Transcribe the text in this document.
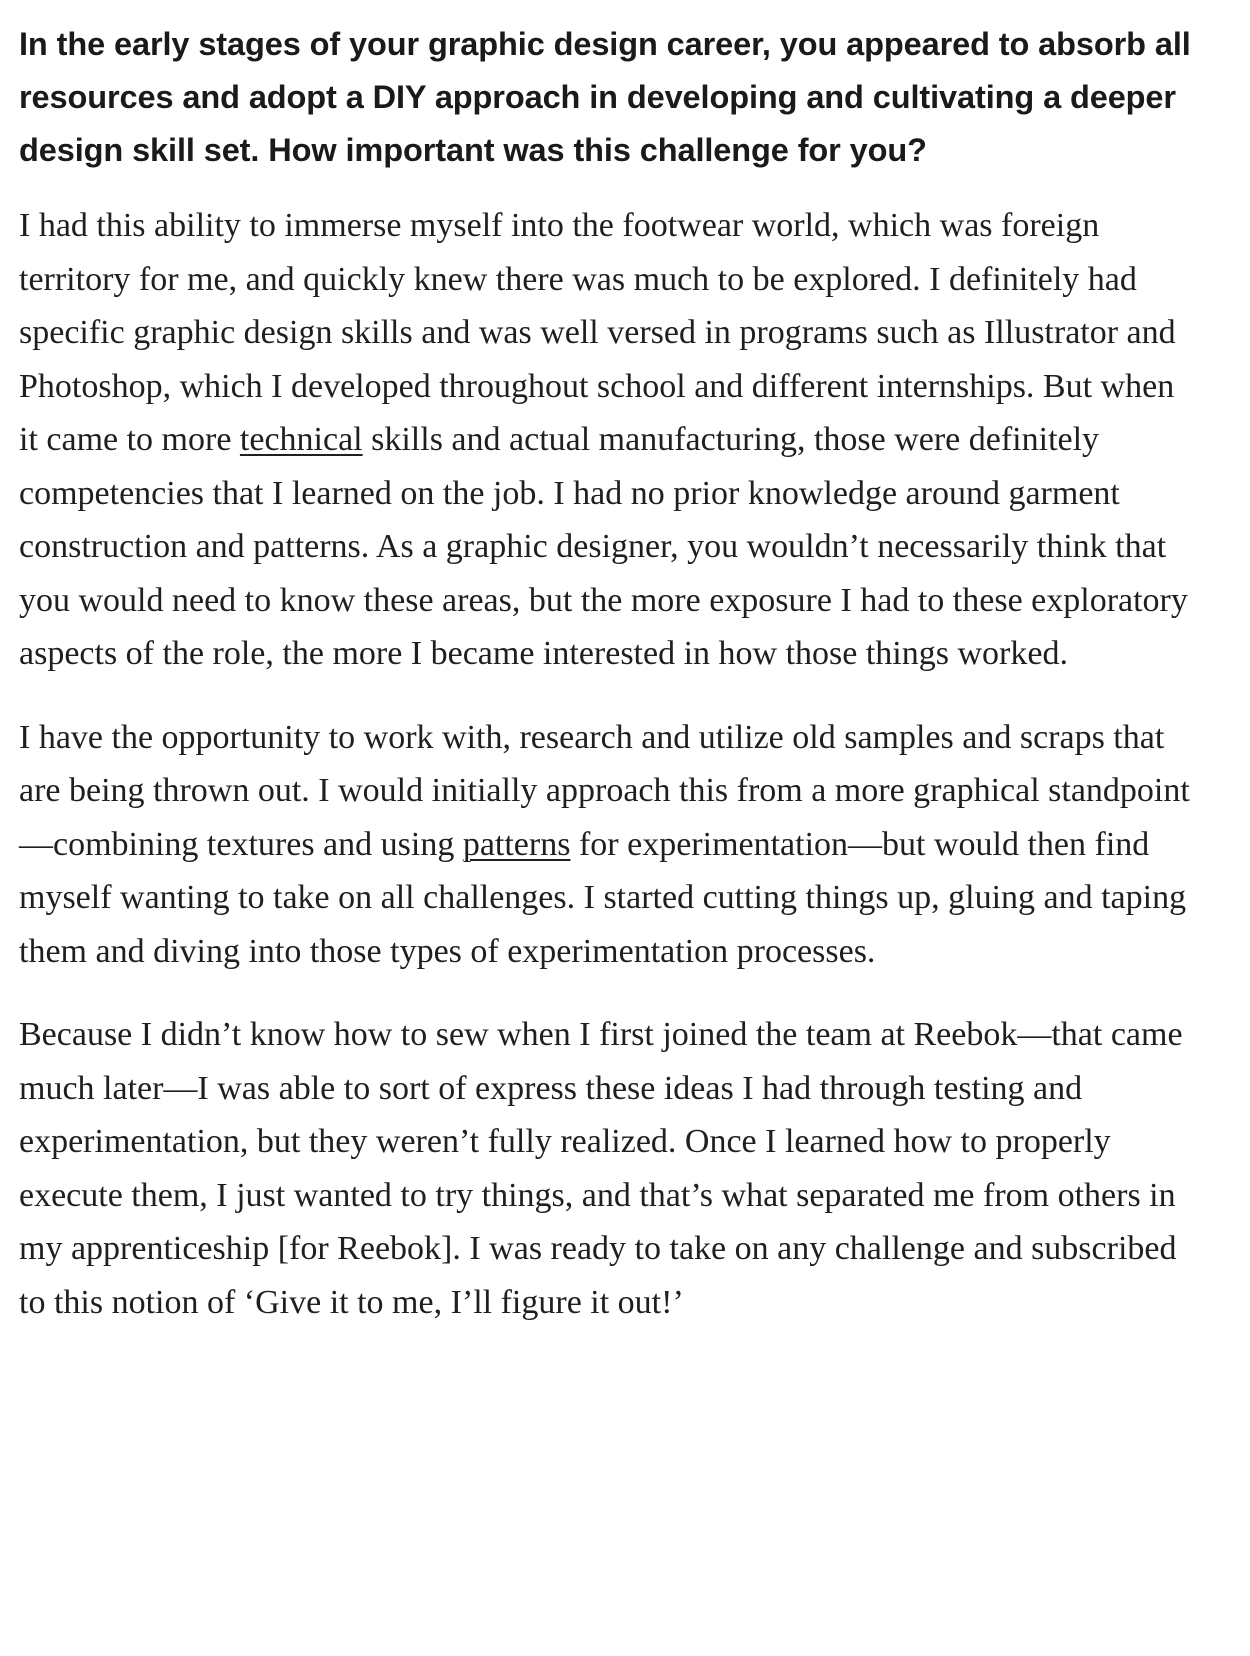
In the early stages of your graphic design career, you appeared to absorb all resources and adopt a DIY approach in developing and cultivating a deeper design skill set. How important was this challenge for you?

I had this ability to immerse myself into the footwear world, which was foreign territory for me, and quickly knew there was much to be explored. I definitely had specific graphic design skills and was well versed in programs such as Illustrator and Photoshop, which I developed throughout school and different internships. But when it came to more technical skills and actual manufacturing, those were definitely competencies that I learned on the job. I had no prior knowledge around garment construction and patterns. As a graphic designer, you wouldn’t necessarily think that you would need to know these areas, but the more exposure I had to these exploratory aspects of the role, the more I became interested in how those things worked.

I have the opportunity to work with, research and utilize old samples and scraps that are being thrown out. I would initially approach this from a more graphical standpoint—combining textures and using patterns for experimentation—but would then find myself wanting to take on all challenges. I started cutting things up, gluing and taping them and diving into those types of experimentation processes.

Because I didn’t know how to sew when I first joined the team at Reebok—that came much later—I was able to sort of express these ideas I had through testing and experimentation, but they weren’t fully realized. Once I learned how to properly execute them, I just wanted to try things, and that’s what separated me from others in my apprenticeship [for Reebok]. I was ready to take on any challenge and subscribed to this notion of ‘Give it to me, I’ll figure it out!’
